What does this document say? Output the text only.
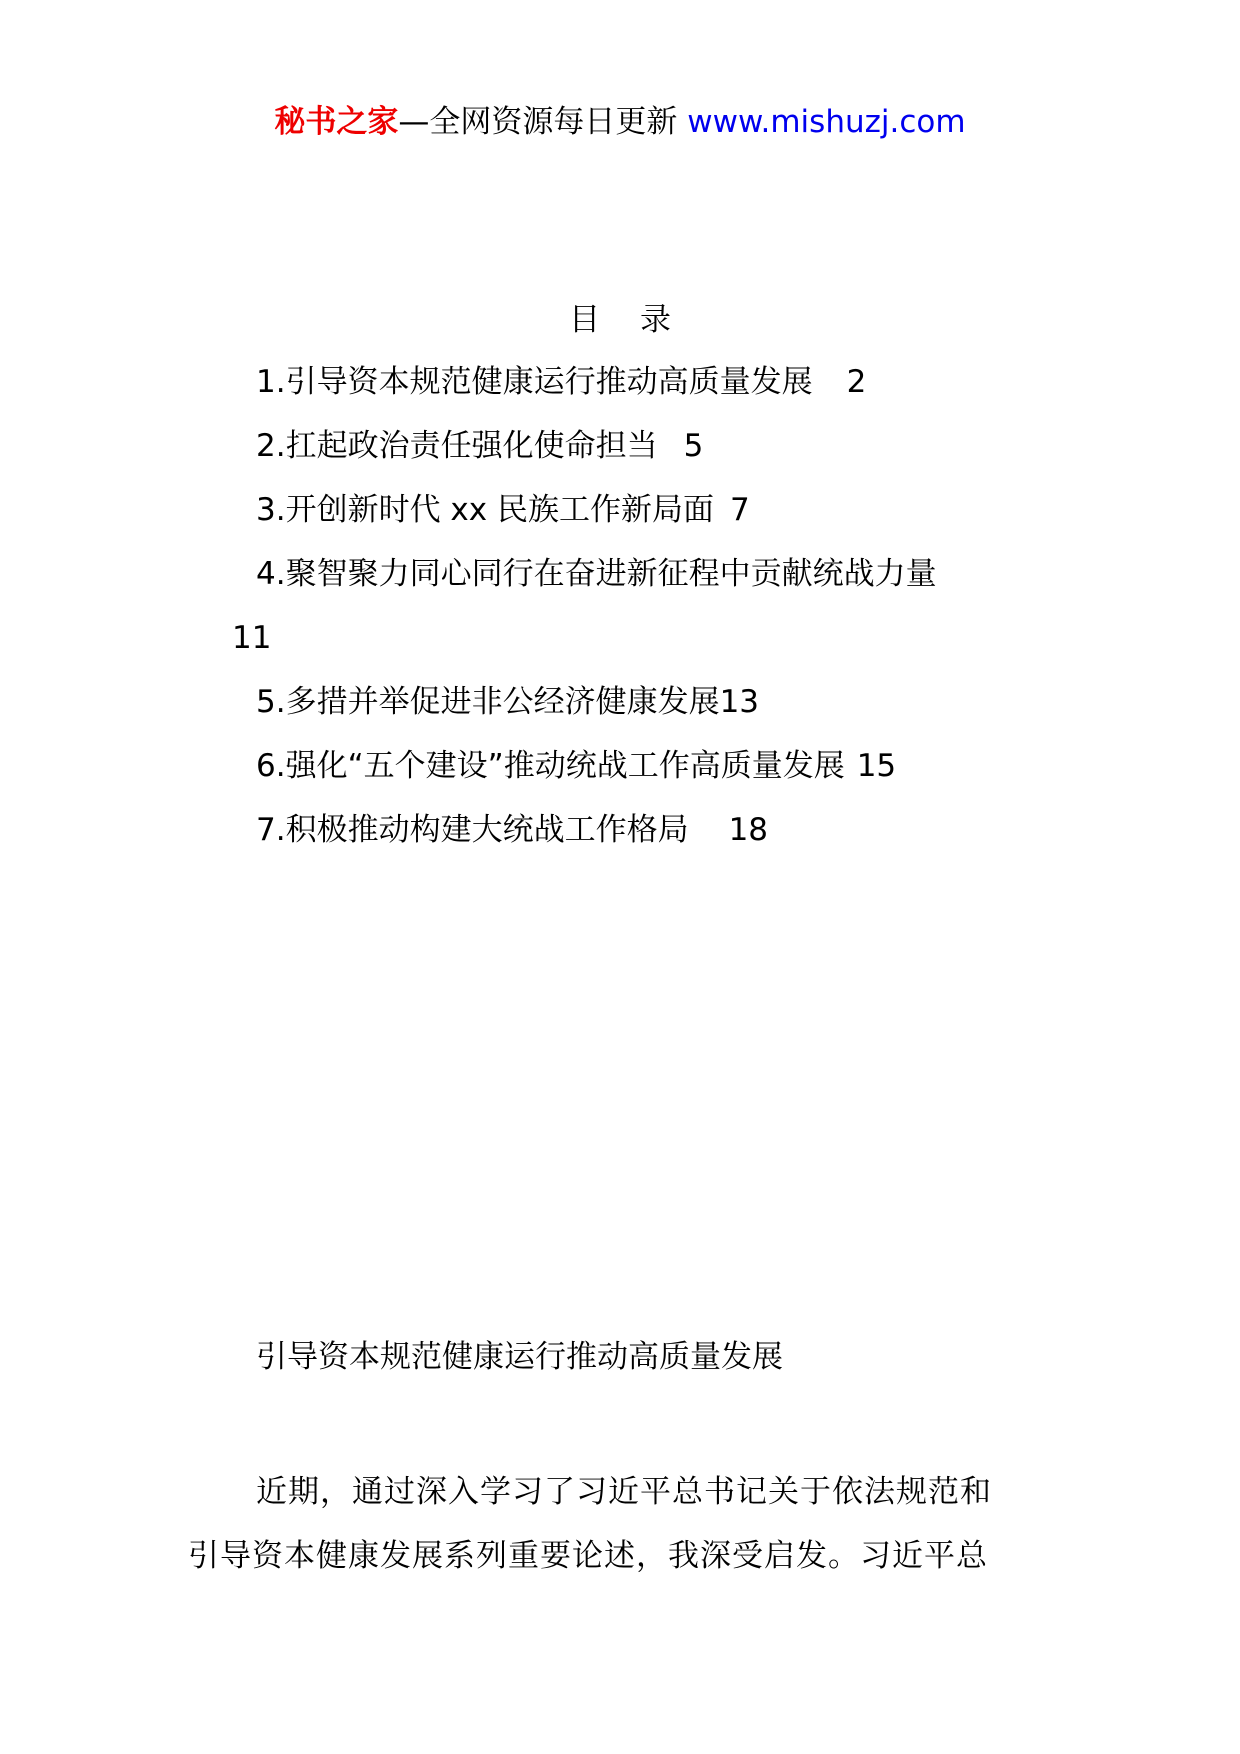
秘书之家—全网资源每日更新 www.mishuzj.com
目 录
1.引导资本规范健康运行推动高质量发展 2
2.扛起政治责任强化使命担当 5
3.开创新时代 xx 民族工作新局面 7
4.聚智聚力同心同行在奋进新征程中贡献统战力量
11
5.多措并举促进非公经济健康发展13
6.强化“五个建设”推动统战工作高质量发展 15
7.积极推动构建大统战工作格局 18
引导资本规范健康运行推动高质量发展
近期，通过深入学习了习近平总书记关于依法规范和
引导资本健康发展系列重要论述，我深受启发。习近平总
